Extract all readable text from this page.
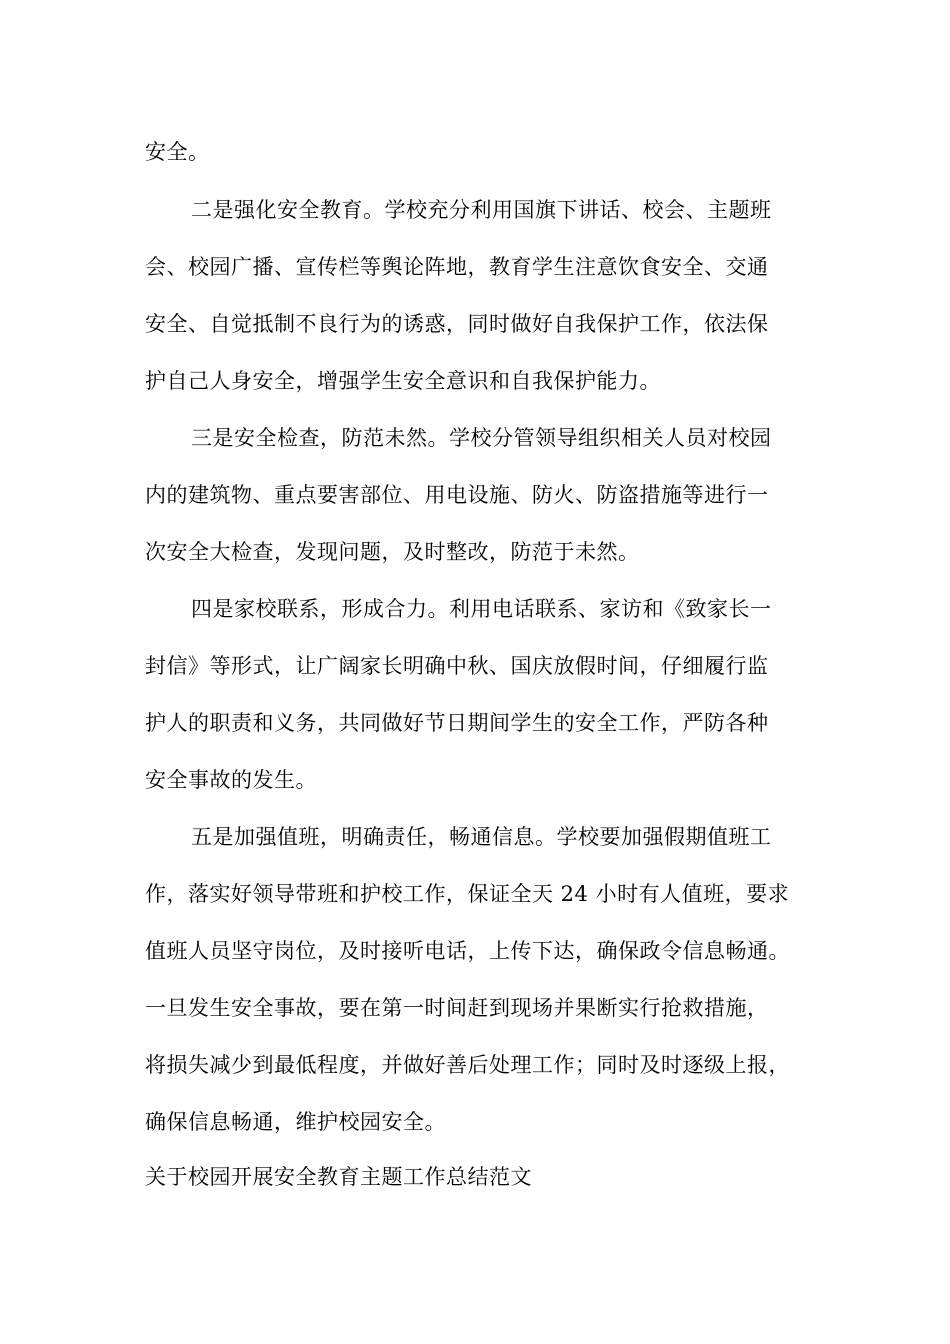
安全。
二是强化安全教育。学校充分利用国旗下讲话、校会、主题班
会、校园广播、宣传栏等舆论阵地，教育学生注意饮食安全、交通
安全、自觉抵制不良行为的诱惑，同时做好自我保护工作，依法保
护自己人身安全，增强学生安全意识和自我保护能力。
三是安全检查，防范未然。学校分管领导组织相关人员对校园
内的建筑物、重点要害部位、用电设施、防火、防盗措施等进行一
次安全大检查，发现问题，及时整改，防范于未然。
四是家校联系，形成合力。利用电话联系、家访和《致家长一
封信》等形式，让广阔家长明确中秋、国庆放假时间，仔细履行监
护人的职责和义务，共同做好节日期间学生的安全工作，严防各种
安全事故的发生。
五是加强值班，明确责任，畅通信息。学校要加强假期值班工
作，落实好领导带班和护校工作，保证全天 24 小时有人值班，要求
值班人员坚守岗位，及时接听电话，上传下达，确保政令信息畅通。
一旦发生安全事故，要在第一时间赶到现场并果断实行抢救措施，
将损失减少到最低程度，并做好善后处理工作；同时及时逐级上报，
确保信息畅通，维护校园安全。
关于校园开展安全教育主题工作总结范文
